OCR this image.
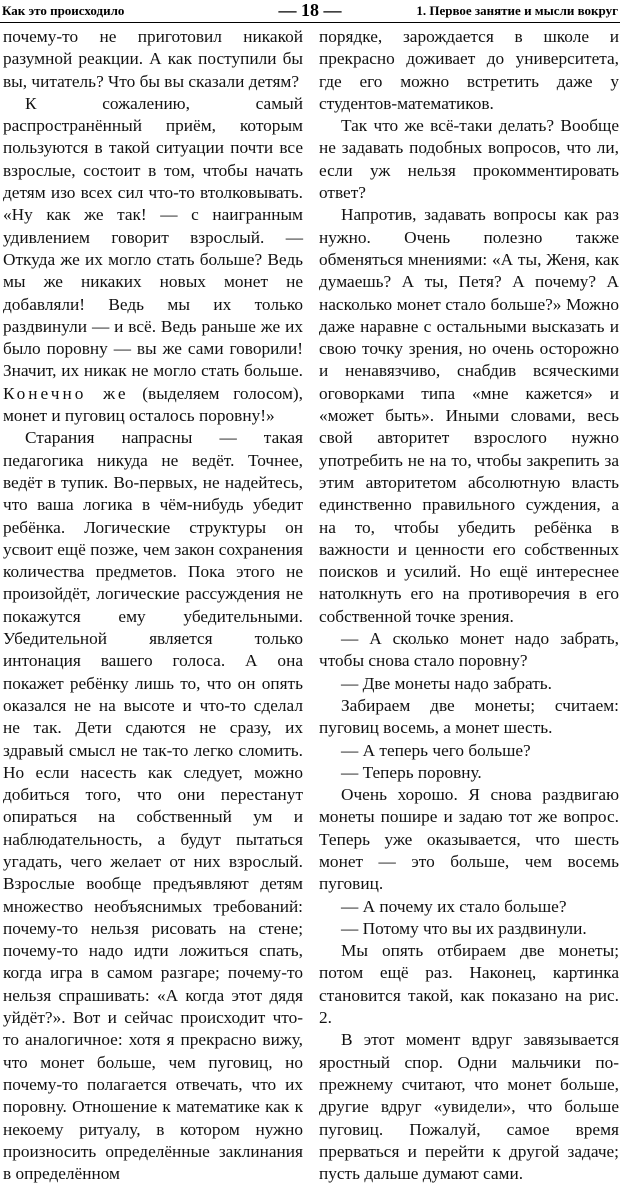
Как это происходило	— 18 —	1. Первое занятие и мысли вокруг

почему-то не приготовил никакой разумной реакции. А как поступили бы вы, читатель? Что бы вы сказали детям?

К сожалению, самый распространённый приём, которым пользуются в такой ситуации почти все взрослые, состоит в том, чтобы начать детям изо всех сил что-то втолковывать. «Ну как же так! — с наигранным удивлением говорит взрослый. — Откуда же их могло стать больше? Ведь мы же никаких новых монет не добавляли! Ведь мы их только раздвинули — и всё. Ведь раньше же их было поровну — вы же сами говорили! Значит, их никак не могло стать больше. Конечно же (выделяем голосом), монет и пуговиц осталось поровну!»

Старания напрасны — такая педагогика никуда не ведёт. Точнее, ведёт в тупик. Во-первых, не надейтесь, что ваша логика в чём-нибудь убедит ребёнка. Логические структуры он усвоит ещё позже, чем закон сохранения количества предметов. Пока этого не произойдёт, логические рассуждения не покажутся ему убедительными. Убедительной является только интонация вашего голоса. А она покажет ребёнку лишь то, что он опять оказался не на высоте и что-то сделал не так. Дети сдаются не сразу, их здравый смысл не так-то легко сломить. Но если насесть как следует, можно добиться того, что они перестанут опираться на собственный ум и наблюдательность, а будут пытаться угадать, чего желает от них взрослый. Взрослые вообще предъявляют детям множество необъяснимых требований: почему-то нельзя рисовать на стене; почему-то надо идти ложиться спать, когда игра в самом разгаре; почему-то нельзя спрашивать: «А когда этот дядя уйдёт?». Вот и сейчас происходит что-то аналогичное: хотя я прекрасно вижу, что монет больше, чем пуговиц, но почему-то полагается отвечать, что их поровну. Отношение к математике как к некоему ритуалу, в котором нужно произносить определённые заклинания в определённом

порядке, зарождается в школе и прекрасно доживает до университета, где его можно встретить даже у студентов-математиков.

Так что же всё-таки делать? Вообще не задавать подобных вопросов, что ли, если уж нельзя прокомментировать ответ?

Напротив, задавать вопросы как раз нужно. Очень полезно также обменяться мнениями: «А ты, Женя, как думаешь? А ты, Петя? А почему? А насколько монет стало больше?» Можно даже наравне с остальными высказать и свою точку зрения, но очень осторожно и ненавязчиво, снабдив всяческими оговорками типа «мне кажется» и «может быть». Иными словами, весь свой авторитет взрослого нужно употребить не на то, чтобы закрепить за этим авторитетом абсолютную власть единственно правильного суждения, а на то, чтобы убедить ребёнка в важности и ценности его собственных поисков и усилий. Но ещё интереснее натолкнуть его на противоречия в его собственной точке зрения.

— А сколько монет надо забрать, чтобы снова стало поровну?

— Две монеты надо забрать.

Забираем две монеты; считаем: пуговиц восемь, а монет шесть.

— А теперь чего больше?

— Теперь поровну.

Очень хорошо. Я снова раздвигаю монеты пошире и задаю тот же вопрос. Теперь уже оказывается, что шесть монет — это больше, чем восемь пуговиц.

— А почему их стало больше?

— Потому что вы их раздвинули.

Мы опять отбираем две монеты; потом ещё раз. Наконец, картинка становится такой, как показано на рис. 2.

В этот момент вдруг завязывается яростный спор. Одни мальчики по-прежнему считают, что монет больше, другие вдруг «увидели», что больше пуговиц. Пожалуй, самое время прерваться и перейти к другой задаче; пусть дальше думают сами.
